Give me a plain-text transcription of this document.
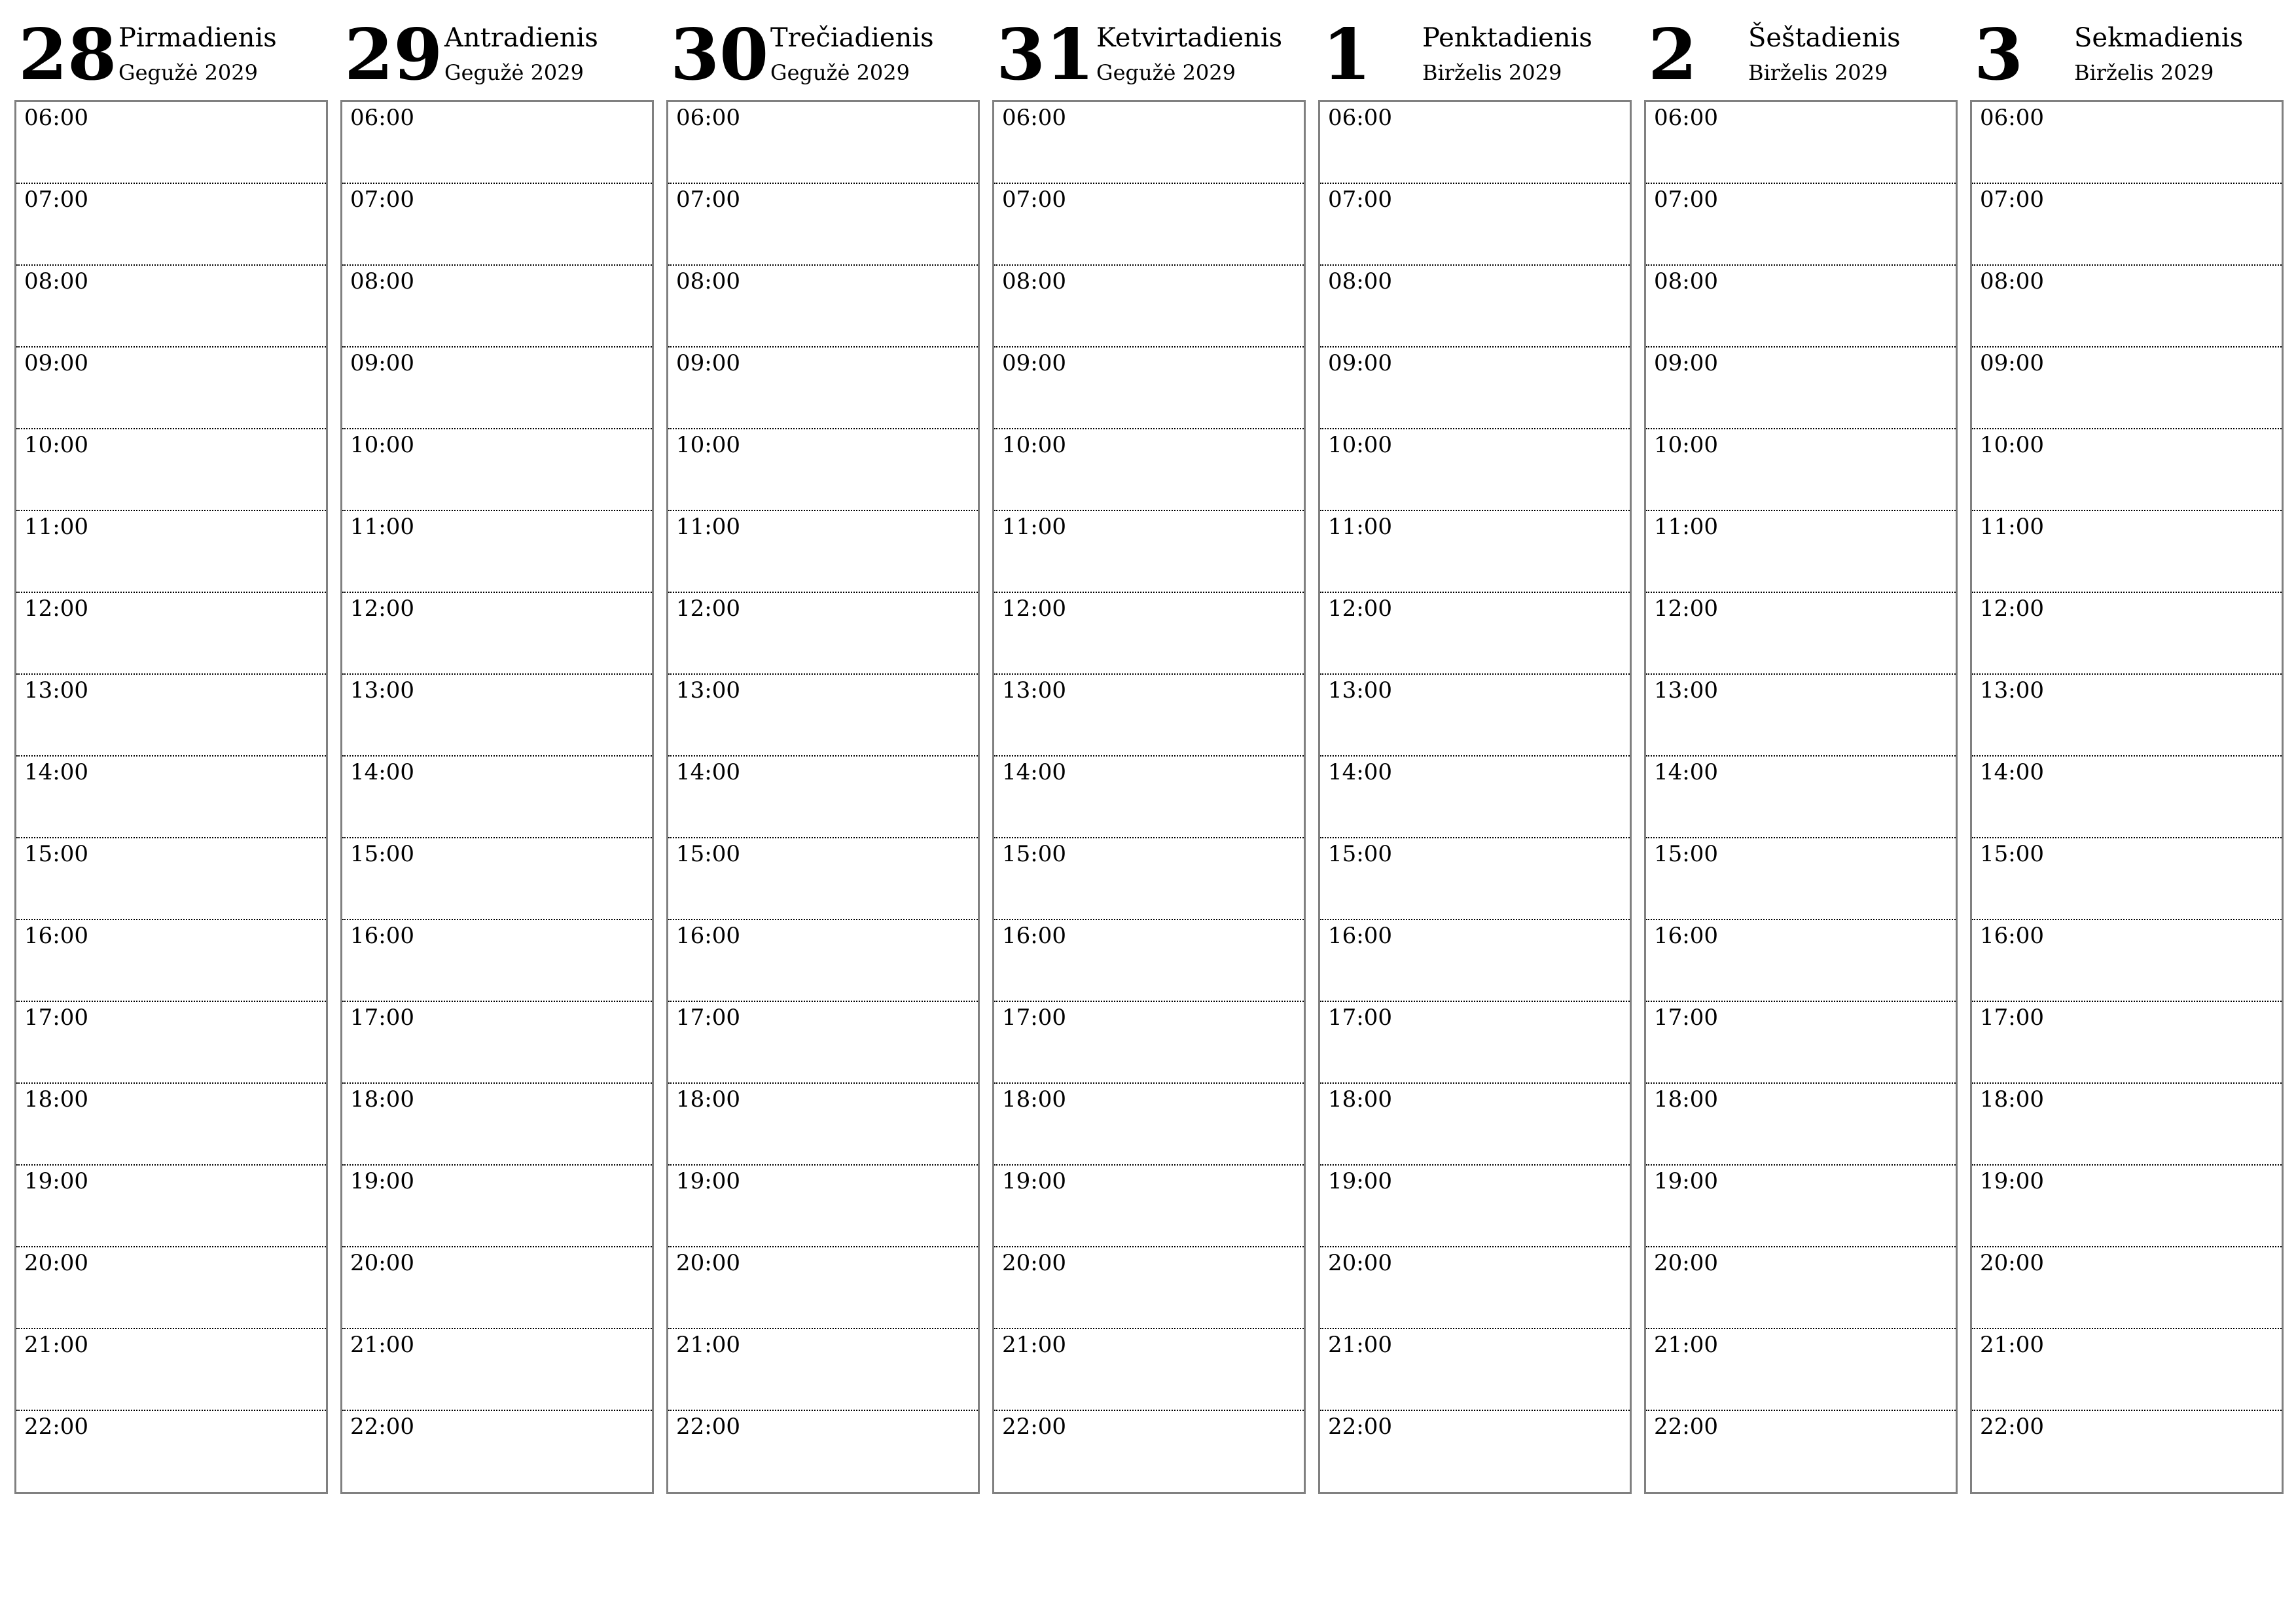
28 Pirmadienis
Gegužė 2029
06:00
07:00
08:00
09:00
10:00
11:00
12:00
13:00
14:00
15:00
16:00
17:00
18:00
19:00
20:00
21:00
22:00
29 Antradienis
Gegužė 2029
06:00
07:00
08:00
09:00
10:00
11:00
12:00
13:00
14:00
15:00
16:00
17:00
18:00
19:00
20:00
21:00
22:00
30 Trečiadienis
Gegužė 2029
06:00
07:00
08:00
09:00
10:00
11:00
12:00
13:00
14:00
15:00
16:00
17:00
18:00
19:00
20:00
21:00
22:00
31 Ketvirtadienis
Gegužė 2029
06:00
07:00
08:00
09:00
10:00
11:00
12:00
13:00
14:00
15:00
16:00
17:00
18:00
19:00
20:00
21:00
22:00
1 Penktadienis
Birželis 2029
06:00
07:00
08:00
09:00
10:00
11:00
12:00
13:00
14:00
15:00
16:00
17:00
18:00
19:00
20:00
21:00
22:00
2 Šeštadienis
Birželis 2029
06:00
07:00
08:00
09:00
10:00
11:00
12:00
13:00
14:00
15:00
16:00
17:00
18:00
19:00
20:00
21:00
22:00
3 Sekmadienis
Birželis 2029
06:00
07:00
08:00
09:00
10:00
11:00
12:00
13:00
14:00
15:00
16:00
17:00
18:00
19:00
20:00
21:00
22:00
